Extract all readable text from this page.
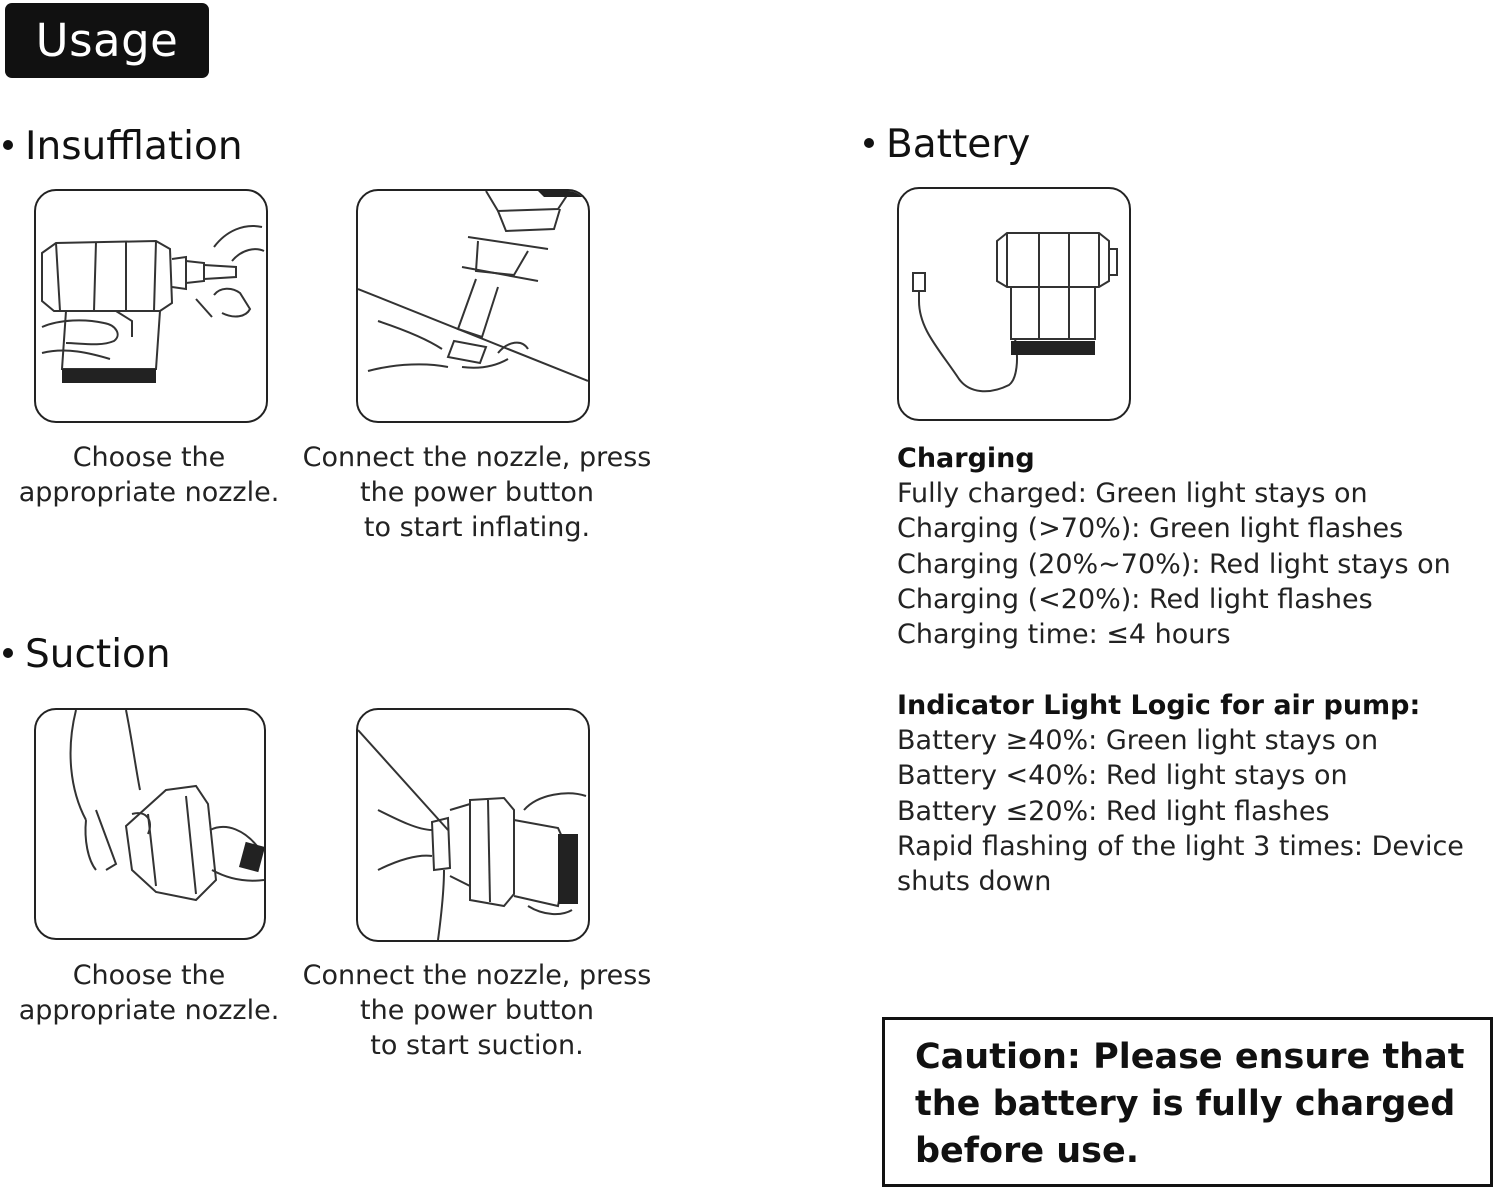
Usage
Insufflation
Choose the
appropriate nozzle.
Connect the nozzle, press
the power button
to start inflating.
Suction
Choose the
appropriate nozzle.
Connect the nozzle, press
the power button
to start suction.
Battery
Charging
Fully charged: Green light stays on
Charging (>70%): Green light flashes
Charging (20%~70%): Red light stays on
Charging (<20%): Red light flashes
Charging time: ≤4 hours
Indicator Light Logic for air pump:
Battery ≥40%: Green light stays on
Battery <40%: Red light stays on
Battery ≤20%: Red light flashes
Rapid flashing of the light 3 times: Device
shuts down
Caution: Please ensure that
the battery is fully charged
before use.
